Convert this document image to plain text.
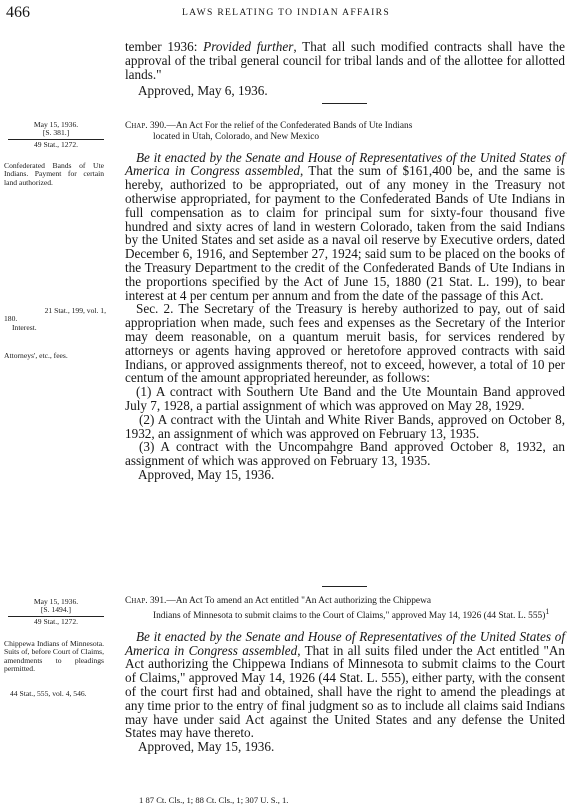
466	LAWS RELATING TO INDIAN AFFAIRS

tember 1936: Provided further, That all such modified contracts shall have the approval of the tribal general council for tribal lands and of the allottee for allotted lands."

Approved, May 6, 1936.

May 15, 1936.

[S. 381.]

49 Stat., 1272.

Chap. 390.—An Act For the relief of the Confederated Bands of Ute Indians

located in Utah, Colorado, and New Mexico

Be it enacted by the Senate and House of Representatives of the United States of America in Congress assembled, That the sum of $161,400 be, and the same is hereby, authorized to be appropriated, out of any money in the Treasury not otherwise appropriated, for payment to the Confederated Bands of Ute Indians in full compensation as to claim for principal sum for sixty-four thousand five hundred and sixty acres of land in western Colorado, taken from the said Indians by the United States and set aside as a naval oil reserve by Executive orders, dated December 6, 1916, and September 27, 1924; said sum to be placed on the books of the Treasury Department to the credit of the Confederated Bands of Ute Indians in the proportions specified by the Act of June 15, 1880 (21 Stat. L. 199), to bear interest at 4 per centum per annum and from the date of the passage of this Act.

Sec. 2. The Secretary of the Treasury is hereby authorized to pay, out of said appropriation when made, such fees and expenses as the Secretary of the Interior may deem reasonable, on a quantum meruit basis, for services rendered by attorneys or agents having approved or heretofore approved contracts with said Indians, or approved assignments thereof, not to exceed, however, a total of 10 per centum of the amount appropriated hereunder, as follows:

(1) A contract with Southern Ute Band and the Ute Mountain Band approved July 7, 1928, a partial assignment of which was approved on May 28, 1929.

(2) A contract with the Uintah and White River Bands, approved on October 8, 1932, an assignment of which was approved on February 13, 1935.

(3) A contract with the Uncompahgre Band approved October 8, 1932, an assignment of which was approved on February 13, 1935.

Approved, May 15, 1936.

Confederated Bands of Ute Indians. Payment for certain land authorized.

21 Stat., 199, vol. 1,

180.

Interest.

Attorneys', etc., fees.

May 15, 1936.

[S. 1494.]

49 Stat., 1272.

Chap. 391.—An Act To amend an Act entitled "An Act authorizing the Chippewa

Indians of Minnesota to submit claims to the Court of Claims," approved May 14, 1926 (44 Stat. L. 555)$^1$

Be it enacted by the Senate and House of Representatives of the United States of America in Congress assembled, That in all suits filed under the Act entitled "An Act authorizing the Chippewa Indians of Minnesota to submit claims to the Court of Claims," approved May 14, 1926 (44 Stat. L. 555), either party, with the consent of the court first had and obtained, shall have the right to amend the pleadings at any time prior to the entry of final judgment so as to include all claims said Indians may have under said Act against the United States and any defense the United States may have thereto.

Approved, May 15, 1936.

Chippewa Indians of Minnesota. Suits of, before Court of Claims, amendments to pleadings permitted.
44 Stat., 555, vol. 4, 546.
1 87 Ct. Cls., 1; 88 Ct. Cls., 1; 307 U. S., 1.
